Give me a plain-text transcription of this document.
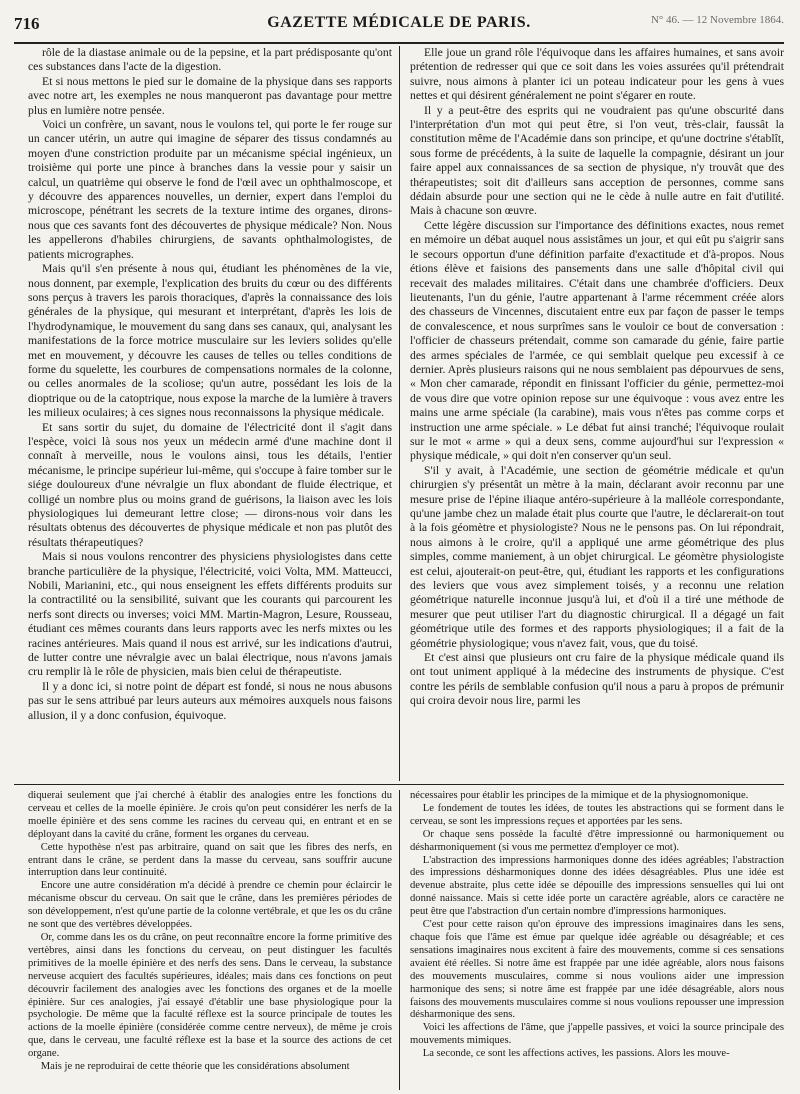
716	GAZETTE MÉDICALE DE PARIS.	N° 46. — 12 Novembre 1864.

rôle de la diastase animale ou de la pepsine, et la part prédisposante qu'ont ces substances dans l'acte de la digestion.

Et si nous mettons le pied sur le domaine de la physique dans ses rapports avec notre art, les exemples ne nous manqueront pas davantage pour mettre plus en lumière notre pensée.

Voici un confrère, un savant, nous le voulons tel, qui porte le fer rouge sur un cancer utérin, un autre qui imagine de séparer des tissus condamnés au moyen d'une constriction produite par un mécanisme spécial ingénieux, un troisième qui porte une pince à branches dans la vessie pour y saisir un calcul, un quatrième qui observe le fond de l'œil avec un ophthalmoscope, et y découvre des apparences nouvelles, un dernier, expert dans l'emploi du microscope, pénétrant les secrets de la texture intime des organes, dirons-nous que ces savants font des découvertes de physique médicale? Non. Nous les appellerons d'habiles chirurgiens, de savants ophthalmologistes, de patients micrographes.

Mais qu'il s'en présente à nous qui, étudiant les phénomènes de la vie, nous donnent, par exemple, l'explication des bruits du cœur ou des différents sons perçus à travers les parois thoraciques, d'après la connaissance des lois générales de la physique, qui mesurant et interprétant, d'après les lois de l'hydrodynamique, le mouvement du sang dans ses canaux, qui, analysant les manifestations de la force motrice musculaire sur les leviers solides qu'elle met en mouvement, y découvre les causes de telles ou telles conditions de forme du squelette, les courbures de compensations normales de la colonne, ou celles anormales de la scoliose; qu'un autre, possédant les lois de la dioptrique ou de la catoptrique, nous expose la marche de la lumière à travers les milieux oculaires; à ces signes nous reconnaissons la physique médicale.

Et sans sortir du sujet, du domaine de l'électricité dont il s'agit dans l'espèce, voici là sous nos yeux un médecin armé d'une machine dont il connaît à merveille, nous le voulons ainsi, tous les détails, l'entier mécanisme, le principe supérieur lui-même, qui s'occupe à faire tomber sur le siége douloureux d'une névralgie un flux abondant de fluide électrique, et colligé un nombre plus ou moins grand de guérisons, la liaison avec les lois physiologiques lui demeurant lettre close; — dirons-nous voir dans les résultats obtenus des découvertes de physique médicale et non pas plutôt des résultats thérapeutiques?

Mais si nous voulons rencontrer des physiciens physiologistes dans cette branche particulière de la physique, l'électricité, voici Volta, MM. Matteucci, Nobili, Marianini, etc., qui nous enseignent les effets différents produits sur la contractilité ou la sensibilité, suivant que les courants qui parcourent les nerfs sont directs ou inverses; voici MM. Martin-Magron, Lesure, Rousseau, étudiant ces mêmes courants dans leurs rapports avec les nerfs mixtes ou les racines antérieures. Mais quand il nous est arrivé, sur les indications d'autrui, de lutter contre une névralgie avec un balai électrique, nous n'avons jamais cru remplir là le rôle de physicien, mais bien celui de thérapeutiste.

Il y a donc ici, si notre point de départ est fondé, si nous ne nous abusons pas sur le sens attribué par leurs auteurs aux mémoires auxquels nous faisons allusion, il y a donc confusion, équivoque.

Elle joue un grand rôle l'équivoque dans les affaires humaines, et sans avoir prétention de redresser qui que ce soit dans les voies assurées qu'il prétendrait suivre, nous aimons à planter ici un poteau indicateur pour les gens à vues nettes et qui désirent généralement ne point s'égarer en route.

Il y a peut-être des esprits qui ne voudraient pas qu'une obscurité dans l'interprétation d'un mot qui peut être, si l'on veut, très-clair, faussât la constitution même de l'Académie dans son principe, et qu'une doctrine s'établît, sous forme de précédents, à la suite de laquelle la compagnie, désirant un jour faire appel aux connaissances de sa section de physique, n'y trouvât que des thérapeutistes; soit dit d'ailleurs sans acception de personnes, comme sans dédain absurde pour une section qui ne le cède à nulle autre en fait d'utilité. Mais à chacune son œuvre.

Cette légère discussion sur l'importance des définitions exactes, nous remet en mémoire un débat auquel nous assistâmes un jour, et qui eût pu s'aigrir sans le secours opportun d'une définition parfaite d'exactitude et d'à-propos. Nous étions élève et faisions des pansements dans une salle d'hôpital civil qui recevait des malades militaires. C'était dans une chambrée d'officiers. Deux lieutenants, l'un du génie, l'autre appartenant à l'arme récemment créée alors des chasseurs de Vincennes, discutaient entre eux par façon de passer le temps de convalescence, et nous surprîmes sans le vouloir ce bout de conversation : l'officier de chasseurs prétendait, comme son camarade du génie, faire partie des armes spéciales de l'armée, ce qui semblait quelque peu excessif à ce dernier. Après plusieurs raisons qui ne nous semblaient pas dépourvues de sens, « Mon cher camarade, répondit en finissant l'officier du génie, permettez-moi de vous dire que votre opinion repose sur une équivoque : vous avez entre les mains une arme spéciale (la carabine), mais vous n'êtes pas comme corps et instruction une arme spéciale. » Le débat fut ainsi tranché; l'équivoque roulait sur le mot « arme » qui a deux sens, comme aujourd'hui sur l'expression « physique médicale, » qui doit n'en conserver qu'un seul.

S'il y avait, à l'Académie, une section de géométrie médicale et qu'un chirurgien s'y présentât un mètre à la main, déclarant avoir reconnu par une mesure prise de l'épine iliaque antéro-supérieure à la malléole correspondante, qu'une jambe chez un malade était plus courte que l'autre, le déclarerait-on tout à la fois géomètre et physiologiste? Nous ne le pensons pas. On lui répondrait, nous aimons à le croire, qu'il a appliqué une arme géométrique des plus simples, comme maniement, à un objet chirurgical. Le géomètre physiologiste est celui, ajouterait-on peut-être, qui, étudiant les rapports et les configurations des leviers que vous avez simplement toisés, y a reconnu une relation géométrique naturelle inconnue jusqu'à lui, et d'où il a tiré une méthode de mesurer que peut utiliser l'art du diagnostic chirurgical. Il a dégagé un fait géométrique utile des formes et des rapports physiologiques; il a fait de la géométrie physiologique; vous n'avez fait, vous, que du toisé.

Et c'est ainsi que plusieurs ont cru faire de la physique médicale quand ils ont tout uniment appliqué à la médecine des instruments de physique. C'est contre les périls de semblable confusion qu'il nous a paru à propos de prémunir qui croira devoir nous lire, parmi les

diquerai seulement que j'ai cherché à établir des analogies entre les fonctions du cerveau et celles de la moelle épinière. Je crois qu'on peut considérer les nerfs de la moelle épinière et des sens comme les racines du cerveau qui, en entrant et en se déployant dans la cavité du crâne, forment les organes du cerveau.

Cette hypothèse n'est pas arbitraire, quand on sait que les fibres des nerfs, en entrant dans le crâne, se perdent dans la masse du cerveau, sans souffrir aucune interruption dans leur continuité.

Encore une autre considération m'a décidé à prendre ce chemin pour éclaircir le mécanisme obscur du cerveau. On sait que le crâne, dans les premières périodes de son développement, n'est qu'une partie de la colonne vertébrale, et que les os du crâne ne sont que des vertèbres développées.

Or, comme dans les os du crâne, on peut reconnaître encore la forme primitive des vertèbres, ainsi dans les fonctions du cerveau, on peut distinguer les facultés primitives de la moelle épinière et des nerfs des sens. Dans le cerveau, la substance nerveuse acquiert des facultés supérieures, idéales; mais dans ces fonctions on peut découvrir facilement des analogies avec les fonctions des organes et de la moelle épinière. Sur ces analogies, j'ai essayé d'établir une base physiologique pour la psychologie. De même que la faculté réflexe est la source principale de toutes les actions de la moelle épinière (considérée comme centre nerveux), de même je crois que, dans le cerveau, une faculté réflexe est la base et la source des actions de cet organe.

Mais je ne reproduirai de cette théorie que les considérations absolument

nécessaires pour établir les principes de la mimique et de la physiognomonique.

Le fondement de toutes les idées, de toutes les abstractions qui se forment dans le cerveau, se sont les impressions reçues et apportées par les sens.

Or chaque sens possède la faculté d'être impressionné ou harmoniquement ou désharmoniquement (si vous me permettez d'employer ce mot).

L'abstraction des impressions harmoniques donne des idées agréables; l'abstraction des impressions désharmoniques donne des idées désagréables. Plus une idée est devenue abstraite, plus cette idée se dépouille des impressions sensuelles qui lui ont donné naissance. Mais si cette idée porte un caractère agréable, alors ce caractère ne peut être que l'abstraction d'un certain nombre d'impressions harmoniques.

C'est pour cette raison qu'on éprouve des impressions imaginaires dans les sens, chaque fois que l'âme est émue par quelque idée agréable ou désagréable; et ces sensations imaginaires nous excitent à faire des mouvements, comme si ces sensations avaient été réelles. Si notre âme est frappée par une idée agréable, alors nous faisons des mouvements musculaires, comme si nous voulions aider une impression harmonique des sens; si notre âme est frappée par une idée désagréable, alors nous faisons des mouvements musculaires comme si nous voulions repousser une impression désharmonique des sens.

Voici les affections de l'âme, que j'appelle passives, et voici la source principale des mouvements mimiques.

La seconde, ce sont les affections actives, les passions. Alors les mouve-
